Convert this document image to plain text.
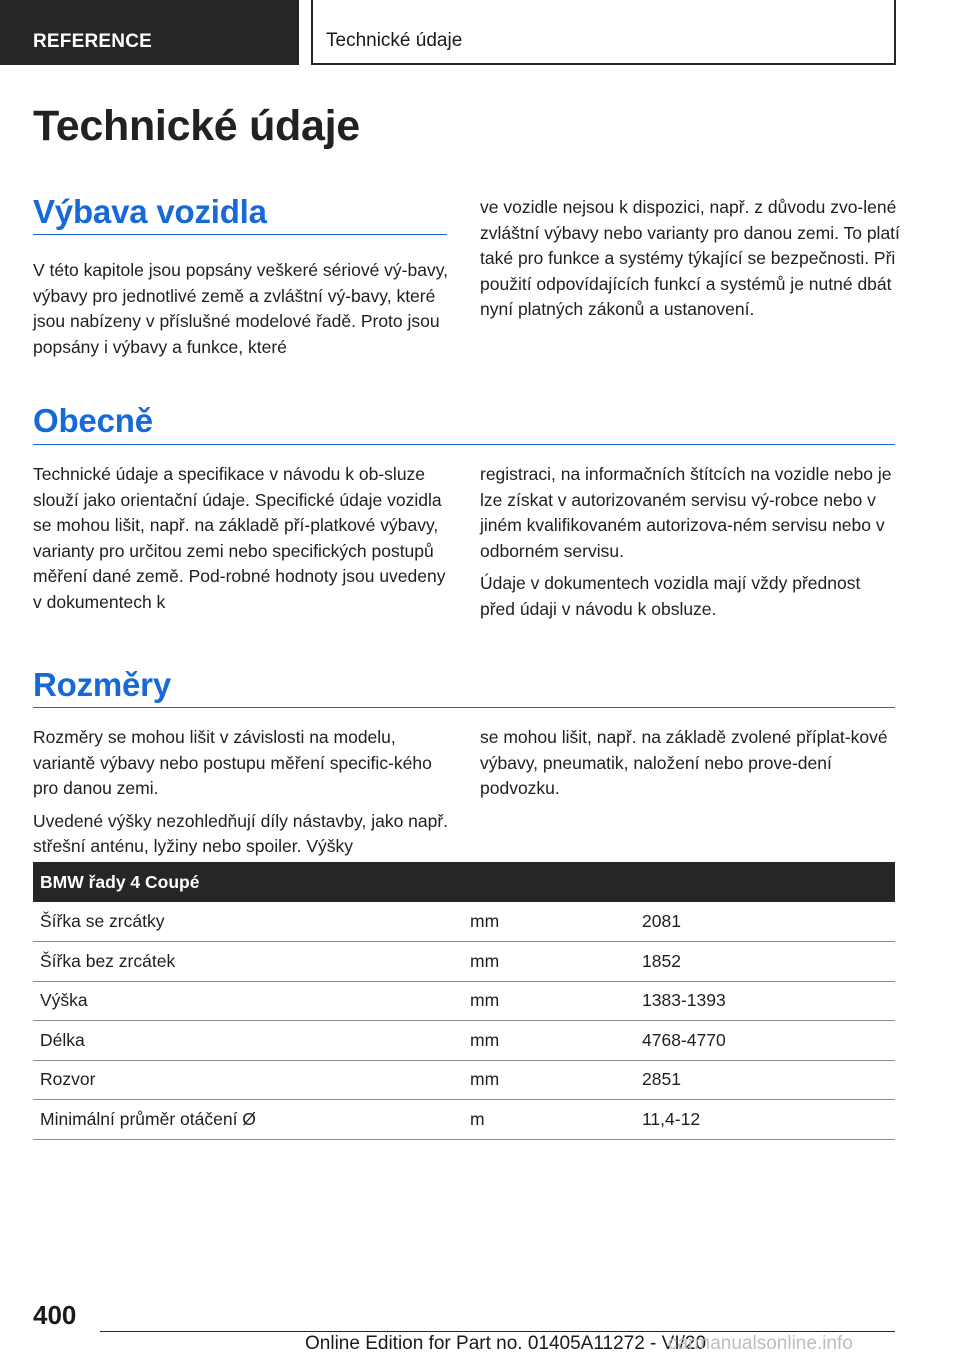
REFERENCE	Technické údaje
Technické údaje
Výbava vozidla

V této kapitole jsou popsány veškeré sériové vý-bavy, výbavy pro jednotlivé země a zvláštní vý-bavy, které jsou nabízeny v příslušné modelové řadě. Proto jsou popsány i výbavy a funkce, které

ve vozidle nejsou k dispozici, např. z důvodu zvo-lené zvláštní výbavy nebo varianty pro danou zemi. To platí také pro funkce a systémy týkající se bezpečnosti. Při použití odpovídajících funkcí a systémů je nutné dbát nyní platných zákonů a ustanovení.

Obecně

Technické údaje a specifikace v návodu k ob-sluze slouží jako orientační údaje. Specifické údaje vozidla se mohou lišit, např. na základě pří-platkové výbavy, varianty pro určitou zemi nebo specifických postupů měření dané země. Pod-robné hodnoty jsou uvedeny v dokumentech k

registraci, na informačních štítcích na vozidle nebo je lze získat v autorizovaném servisu vý-robce nebo v jiném kvalifikovaném autorizova-ném servisu nebo v odborném servisu.

Údaje v dokumentech vozidla mají vždy přednost před údaji v návodu k obsluze.

Rozměry

Rozměry se mohou lišit v závislosti na modelu, variantě výbavy nebo postupu měření specific-kého pro danou zemi.

Uvedené výšky nezohledňují díly nástavby, jako např. střešní anténu, lyžiny nebo spoiler. Výšky

se mohou lišit, např. na základě zvolené příplat-kové výbavy, pneumatik, naložení nebo prove-dení podvozku.

BMW řady 4 Coupé		
Šířka se zrcátky	mm	2081
Šířka bez zrcátek	mm	1852
Výška	mm	1383-1393
Délka	mm	4768-4770
Rozvor	mm	2851
Minimální průměr otáčení Ø	m	11,4-12
400
Online Edition for Part no. 01405A11272 - VI/20
carmanualsonline.info
